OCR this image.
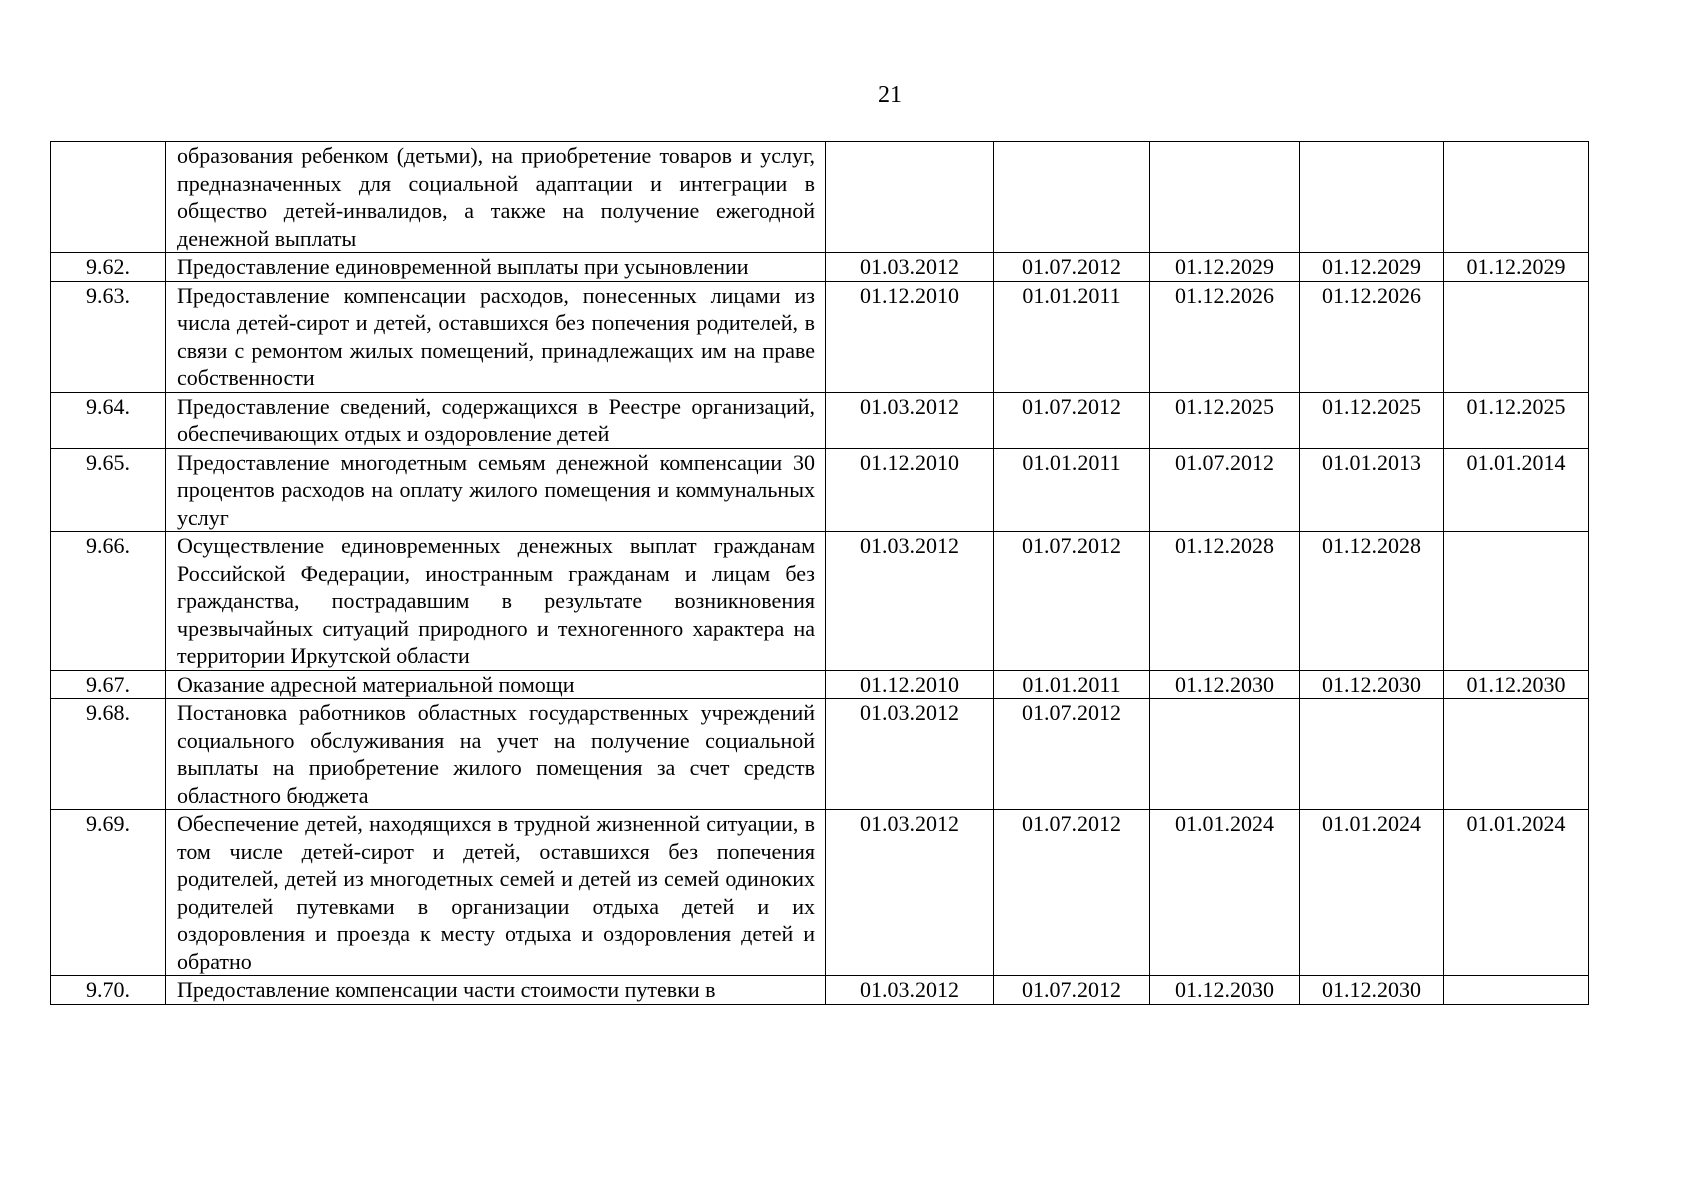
21
	образования ребенком (детьми), на приобретение товаров и услуг, предназначенных для социальной адаптации и интеграции в общество детей-инвалидов, а также на получение ежегодной денежной выплаты					
9.62.	Предоставление единовременной выплаты при усыновлении	01.03.2012	01.07.2012	01.12.2029	01.12.2029	01.12.2029
9.63.	Предоставление компенсации расходов, понесенных лицами из числа детей-сирот и детей, оставшихся без попечения родителей, в связи с ремонтом жилых помещений, принадлежащих им на праве собственности	01.12.2010	01.01.2011	01.12.2026	01.12.2026	
9.64.	Предоставление сведений, содержащихся в Реестре организаций, обеспечивающих отдых и оздоровление детей	01.03.2012	01.07.2012	01.12.2025	01.12.2025	01.12.2025
9.65.	Предоставление многодетным семьям денежной компенсации 30 процентов расходов на оплату жилого помещения и коммунальных услуг	01.12.2010	01.01.2011	01.07.2012	01.01.2013	01.01.2014
9.66.	Осуществление единовременных денежных выплат гражданам Российской Федерации, иностранным гражданам и лицам без гражданства, пострадавшим в результате возникновения чрезвычайных ситуаций природного и техногенного характера на территории Иркутской области	01.03.2012	01.07.2012	01.12.2028	01.12.2028	
9.67.	Оказание адресной материальной помощи	01.12.2010	01.01.2011	01.12.2030	01.12.2030	01.12.2030
9.68.	Постановка работников областных государственных учреждений социального обслуживания на учет на получение социальной выплаты на приобретение жилого помещения за счет средств областного бюджета	01.03.2012	01.07.2012			
9.69.	Обеспечение детей, находящихся в трудной жизненной ситуации, в том числе детей-сирот и детей, оставшихся без попечения родителей, детей из многодетных семей и детей из семей одиноких родителей путевками в организации отдыха детей и их оздоровления и проезда к месту отдыха и оздоровления детей и обратно	01.03.2012	01.07.2012	01.01.2024	01.01.2024	01.01.2024
9.70.	Предоставление компенсации части стоимости путевки в	01.03.2012	01.07.2012	01.12.2030	01.12.2030	
